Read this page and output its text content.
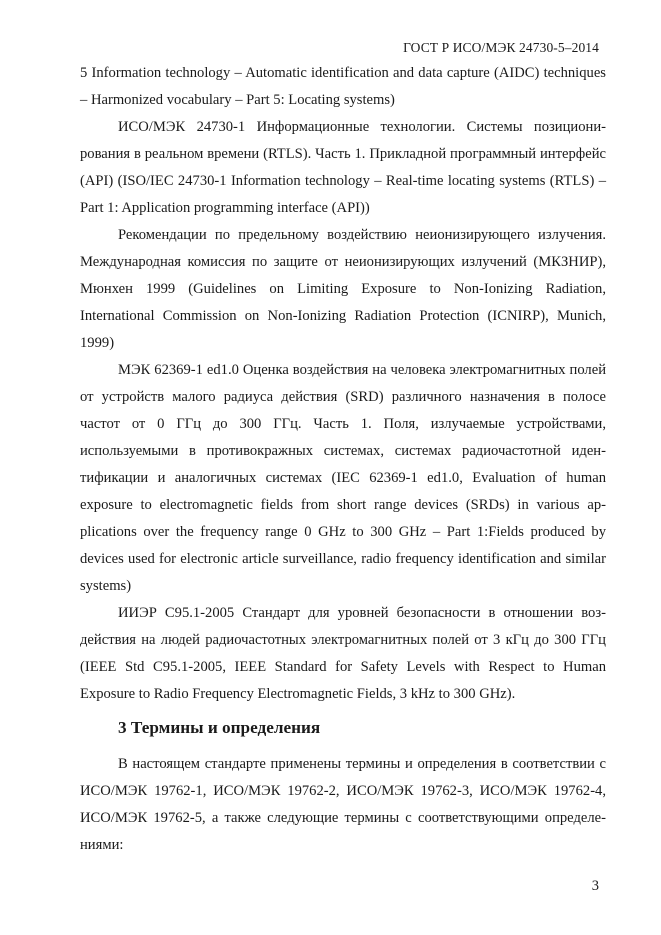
ГОСТ Р ИСО/МЭК 24730-5–2014

5 Information technology – Automatic identification and data capture (AIDC) techniques – Harmonized vocabulary – Part 5: Locating systems)

ИСО/МЭК 24730-1 Информационные технологии. Системы позиционирования в реальном времени (RTLS). Часть 1. Прикладной программный интерфейс (API) (ISO/IEC 24730-1 Information technology – Real-time locating systems (RTLS) – Part 1: Application programming interface (API))

Рекомендации по предельному воздействию неионизирующего излучения. Международная комиссия по защите от неионизирующих излучений (МКЗНИР), Мюнхен 1999 (Guidelines on Limiting Exposure to Non-Ionizing Radiation, International Commission on Non-Ionizing Radiation Protection (ICNIRP), Munich, 1999)

МЭК 62369-1 ed1.0 Оценка воздействия на человека электромагнитных полей от устройств малого радиуса действия (SRD) различного назначения в полосе частот от 0 ГГц до 300 ГГц. Часть 1. Поля, излучаемые устройствами, используемыми в противокражных системах, системах радиочастотной идентификации и аналогичных системах (IEC 62369-1 ed1.0, Evaluation of human exposure to electromagnetic fields from short range devices (SRDs) in various applications over the frequency range 0 GHz to 300 GHz – Part 1:Fields produced by devices used for electronic article surveillance, radio frequency identification and similar systems)

ИИЭР С95.1-2005 Стандарт для уровней безопасности в отношении воздействия на людей радиочастотных электромагнитных полей от 3 кГц до 300 ГГц (IEEE Std C95.1-2005, IEEE Standard for Safety Levels with Respect to Human Exposure to Radio Frequency Electromagnetic Fields, 3 kHz to 300 GHz).

3 Термины и определения

В настоящем стандарте применены термины и определения в соответствии с ИСО/МЭК 19762-1, ИСО/МЭК 19762-2, ИСО/МЭК 19762-3, ИСО/МЭК 19762-4, ИСО/МЭК 19762-5, а также следующие термины с соответствующими определениями:

3
